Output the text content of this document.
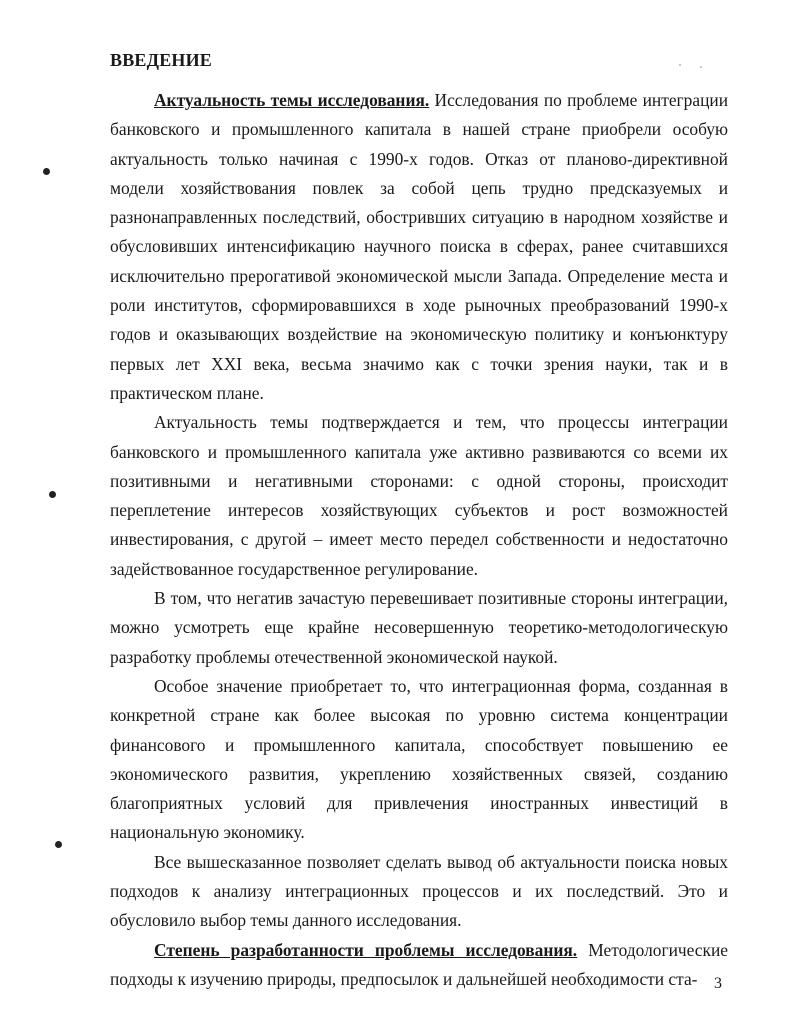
ВВЕДЕНИЕ

Актуальность темы исследования. Исследования по проблеме интеграции банковского и промышленного капитала в нашей стране приобрели особую актуальность только начиная с 1990-х годов. Отказ от планово-директивной модели хозяйствования повлек за собой цепь трудно предсказуемых и разнонаправленных последствий, обостривших ситуацию в народном хозяйстве и обусловивших интенсификацию научного поиска в сферах, ранее считавшихся исключительно прерогативой экономической мысли Запада. Определение места и роли институтов, сформировавшихся в ходе рыночных преобразований 1990-х годов и оказывающих воздействие на экономическую политику и конъюнктуру первых лет XXI века, весьма значимо как с точки зрения науки, так и в практическом плане.

Актуальность темы подтверждается и тем, что процессы интеграции банковского и промышленного капитала уже активно развиваются со всеми их позитивными и негативными сторонами: с одной стороны, происходит переплетение интересов хозяйствующих субъектов и рост возможностей инвестирования, с другой – имеет место передел собственности и недостаточно задействованное государственное регулирование.

В том, что негатив зачастую перевешивает позитивные стороны интеграции, можно усмотреть еще крайне несовершенную теоретико-методологическую разработку проблемы отечественной экономической наукой.

Особое значение приобретает то, что интеграционная форма, созданная в конкретной стране как более высокая по уровню система концентрации финансового и промышленного капитала, способствует повышению ее экономического развития, укреплению хозяйственных связей, созданию благоприятных условий для привлечения иностранных инвестиций в национальную экономику.

Все вышесказанное позволяет сделать вывод об актуальности поиска новых подходов к анализу интеграционных процессов и их последствий. Это и обусловило выбор темы данного исследования.

Степень разработанности проблемы исследования. Методологические подходы к изучению природы, предпосылок и дальнейшей необходимости ста-	3
